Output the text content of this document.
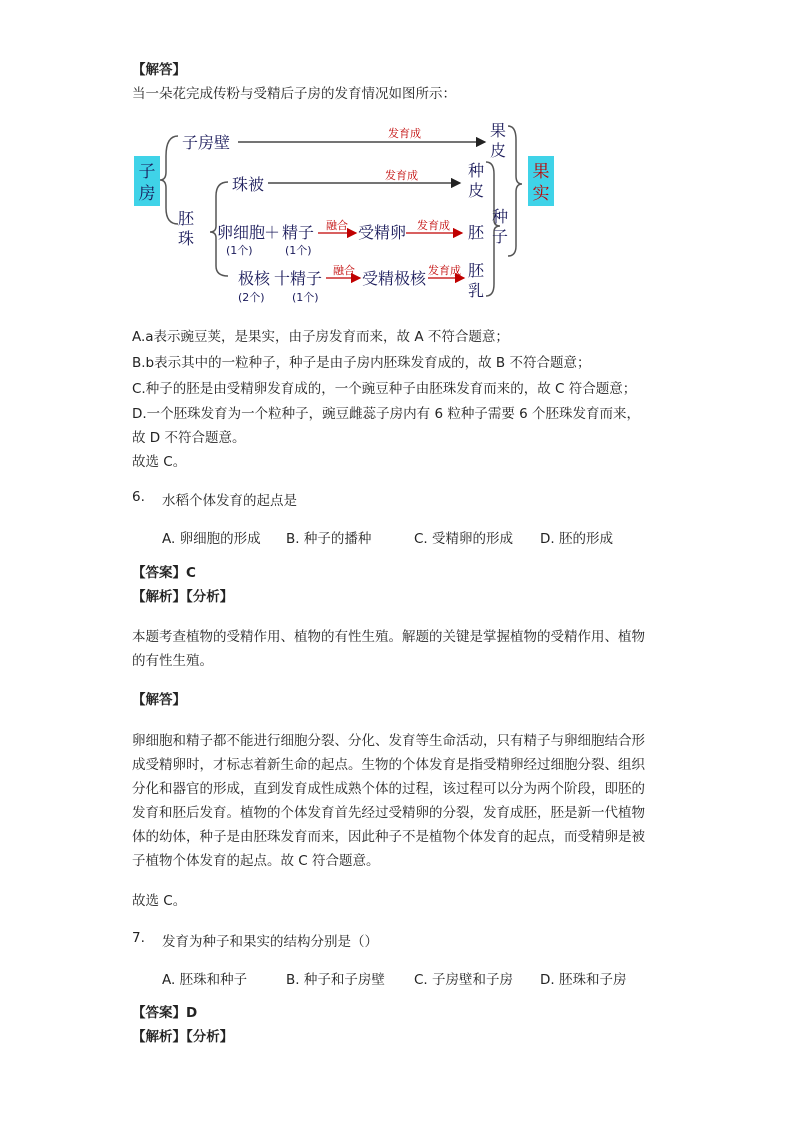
【解答】
当一朵花完成传粉与受精后子房的发育情况如图所示：
子
房
子房壁	发育成	果
皮
胚
珠
珠被	发育成	种
皮
卵细胞
＋ 精子
(1个)	(1个)
融合 受精卵 发育成 胚
极核 十 精子
(2个) (1个)
融合 受精极核 发育成 胚
乳
种
子
果
实
A.a表示豌豆荚，是果实，由子房发育而来，故 A 不符合题意；
B.b表示其中的一粒种子，种子是由子房内胚珠发育成的，故 B 不符合题意；
C.种子的胚是由受精卵发育成的，一个豌豆种子由胚珠发育而来的，故 C 符合题意；
D.一个胚珠发育为一个粒种子，豌豆雌蕊子房内有 6 粒种子需要 6 个胚珠发育而来，
故 D 不符合题意。
故选 C。
6. 水稻个体发育的起点是
A. 卵细胞的形成 B. 种子的播种	C. 受精卵的形成 D. 胚的形成
【答案】C
【解析】【分析】
本题考查植物的受精作用、植物的有性生殖。解题的关键是掌握植物的受精作用、植物
的有性生殖。
【解答】
卵细胞和精子都不能进行细胞分裂、分化、发育等生命活动，只有精子与卵细胞结合形
成受精卵时，才标志着新生命的起点。生物的个体发育是指受精卵经过细胞分裂、组织
分化和器官的形成，直到发育成性成熟个体的过程，该过程可以分为两个阶段，即胚的
发育和胚后发育。植物的个体发育首先经过受精卵的分裂，发育成胚，胚是新一代植物
体的幼体，种子是由胚珠发育而来，因此种子不是植物个体发育的起点，而受精卵是被
子植物个体发育的起点。故 C 符合题意。
故选 C。
7. 发育为种子和果实的结构分别是（）
A. 胚珠和种子	B. 种子和子房壁 C. 子房壁和子房 D. 胚珠和子房
【答案】D
【解析】【分析】
